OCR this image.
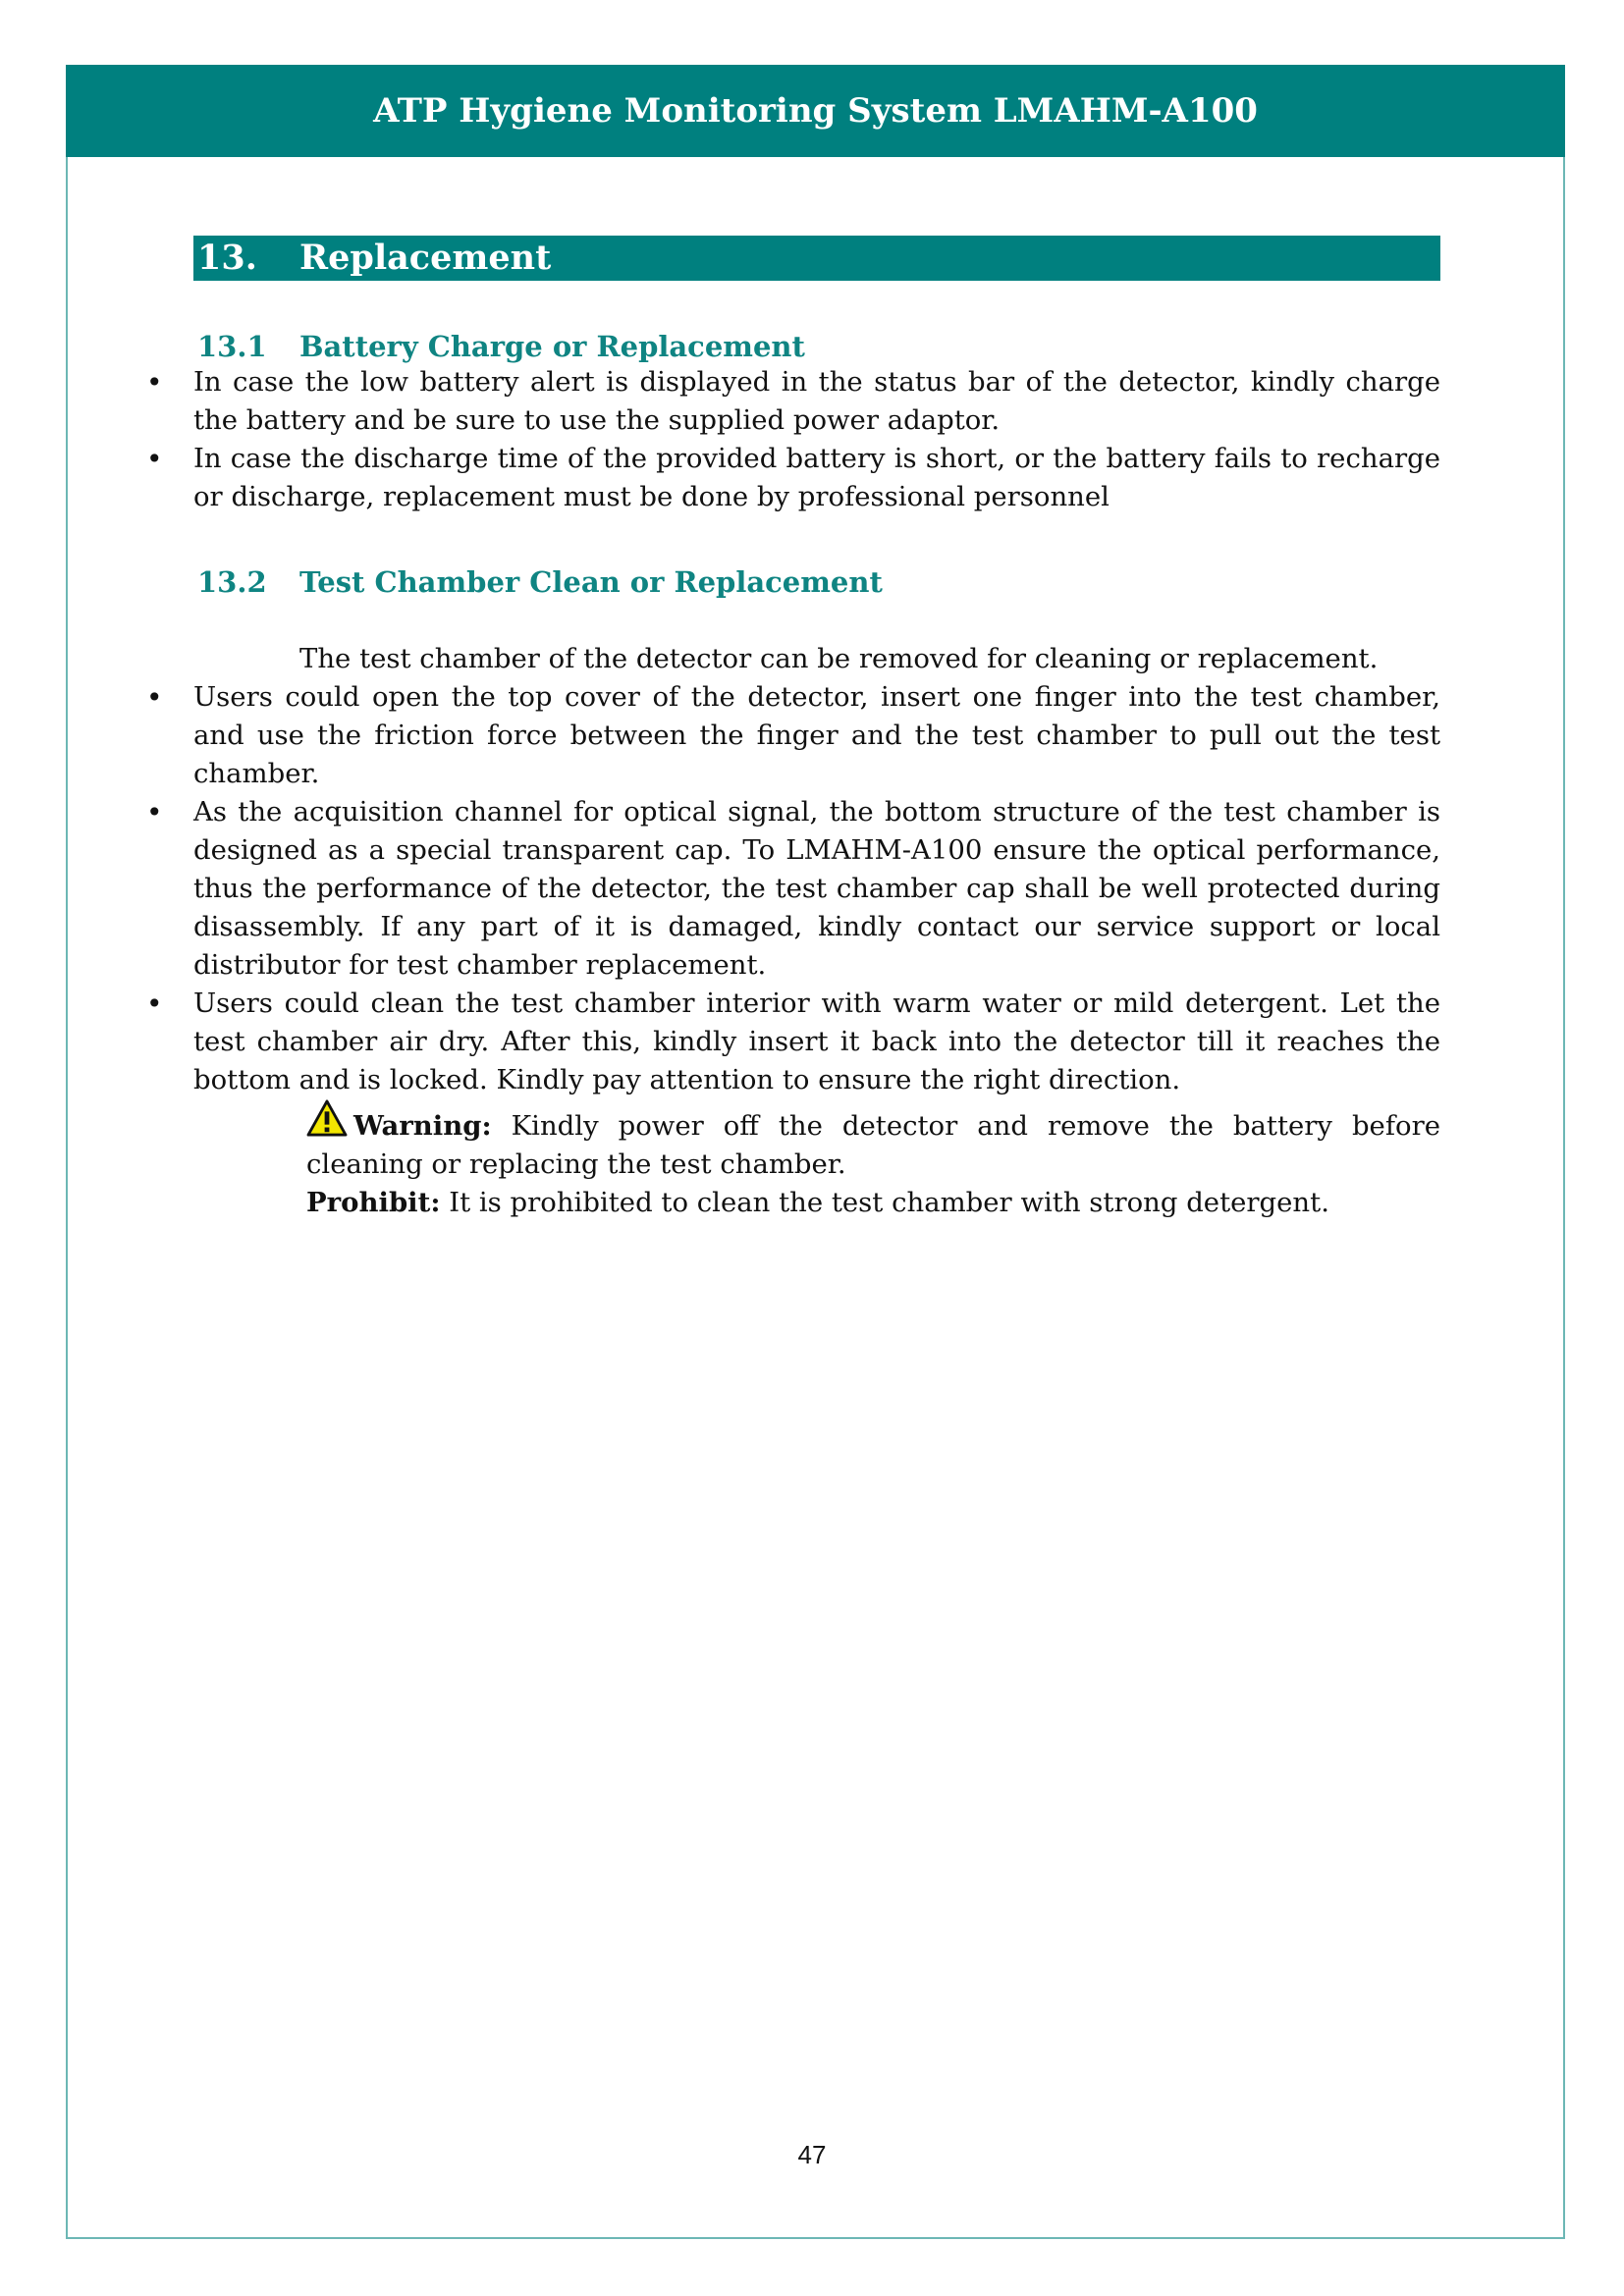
ATP Hygiene Monitoring System LMAHM-A100
13.	Replacement
13.1	Battery Charge or Replacement
• In case the low battery alert is displayed in the status bar of the detector, kindly charge the battery and be sure to use the supplied power adaptor.
• In case the discharge time of the provided battery is short, or the battery fails to recharge or discharge, replacement must be done by professional personnel
13.2	Test Chamber Clean or Replacement
The test chamber of the detector can be removed for cleaning or replacement.
• Users could open the top cover of the detector, insert one finger into the test chamber, and use the friction force between the finger and the test chamber to pull out the test chamber.
• As the acquisition channel for optical signal, the bottom structure of the test chamber is designed as a special transparent cap. To LMAHM-A100 ensure the optical performance, thus the performance of the detector, the test chamber cap shall be well protected during disassembly. If any part of it is damaged, kindly contact our service support or local distributor for test chamber replacement.
• Users could clean the test chamber interior with warm water or mild detergent. Let the test chamber air dry. After this, kindly insert it back into the detector till it reaches the bottom and is locked. Kindly pay attention to ensure the right direction.
Warning: Kindly power off the detector and remove the battery before cleaning or replacing the test chamber.
Prohibit: It is prohibited to clean the test chamber with strong detergent.
47
